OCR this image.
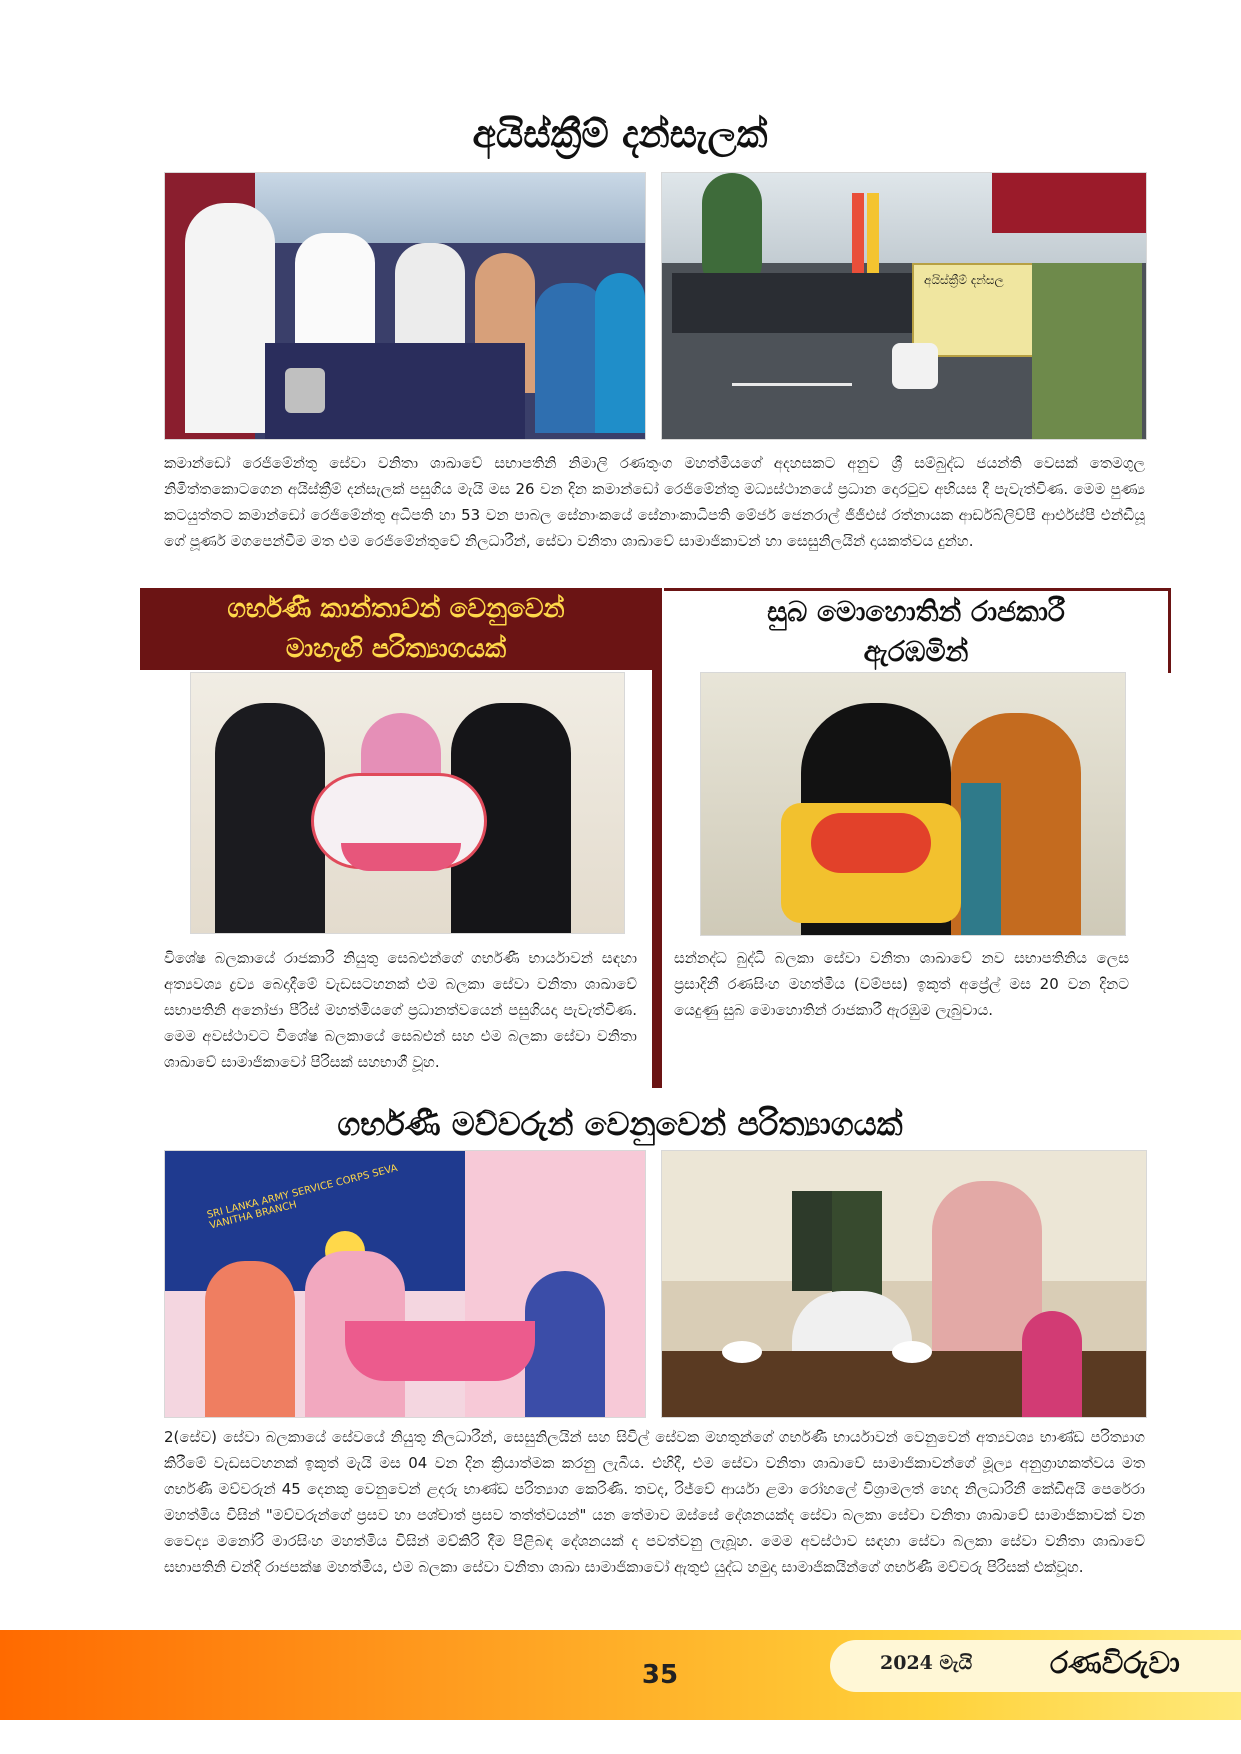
අයිස්ක්‍රීම් දන්සැලක්
අයිස්ක්‍රීම් දන්සල
කමාන්ඩෝ රෙජිමේන්තු සේවා වනිතා ශාඛාවේ සභාපතිනි නිමාලි රණතුංග මහත්මියගේ අදහසකට අනුව ශ්‍රී සම්බුද්ධ ජයන්ති වෙසක් තෙමගුල නිමිත්තකොටගෙන අයිස්ක්‍රීම් දන්සැලක් පසුගිය මැයි මස 26 වන දින කමාන්ඩෝ රෙජිමේන්තු මධ්‍යස්ථානයේ ප්‍රධාන දොරටුව අභියස දී පැවැත්විණ. මෙම පුණ්‍ය කටයුත්තට කමාන්ඩෝ රෙජිමේන්තු අධිපති හා 53 වන පාබල සේනාංකයේ සේනාංකාධිපති මේජර් ජෙනරාල් ජීජීඑස් රත්නායක ආර්ඩබ්ලිව්පී ආර්එස්පී එන්ඩීයූ ගේ පූර්ණ මගපෙන්වීම මත එම රෙජිමේන්තුවේ නිලධාරීන්, සේවා වනිතා ශාඛාවේ සාමාජිකාවන් හා සෙසුනිලයින් දායකත්වය දුන්හ.
ගර්භණී කාන්තාවන් වෙනුවෙන්
මාහැඟි පරිත්‍යාගයක්
සුබ මොහොතින් රාජකාරී
ඇරඹමින්
විශේෂ බලකායේ රාජකාරී නියුතු සෙබළුන්ගේ ගර්භණී භාර්යාවන් සඳහා අත්‍යවශ්‍ය ද්‍රව්‍ය බෙදාදීමේ වැඩසටහනක් එම බලකා සේවා වනිතා ශාඛාවේ සභාපතිනි අනෝජා පීරිස් මහත්මියගේ ප්‍රධානත්වයෙන් පසුගියදා පැවැත්විණ. මෙම අවස්ථාවට විශේෂ බලකායේ සෙබළුන් සහ එම බලකා සේවා වනිතා ශාඛාවේ සාමාජිකාවෝ පිරිසක් සහභාගී වූහ.
සන්නද්ධ බුද්ධි බලකා සේවා වනිතා ශාඛාවේ නව සභාපතිනිය ලෙස ප්‍රසාදිනී රණසිංහ මහත්මිය (වම්පස) ඉකුත් අප්‍රේල් මස 20 වන දිනට යෙදුණු සුබ මොහොතින් රාජකාරී ඇරඹුම ලැබුවාය.
ගර්භණී මව්වරුන් වෙනුවෙන් පරිත්‍යාගයක්
SRI LANKA ARMY SERVICE CORPS SEVA VANITHA BRANCH
2(සේව) සේවා බලකායේ සේවයේ නියුතු නිලධාරීන්, සෙසුනිලයින් සහ සිවිල් සේවක මහතුන්ගේ ගර්භණී භාර්යාවන් වෙනුවෙන් අත්‍යවශ්‍ය භාණ්ඩ පරිත්‍යාග කිරීමේ වැඩසටහනක් ඉකුත් මැයි මස 04 වන දින ක්‍රියාත්මක කරනු ලැබීය. එහිදී, එම සේවා වනිතා ශාඛාවේ සාමාජිකාවන්ගේ මූල්‍ය අනුග්‍රාහකත්වය මත ගර්භණී මව්වරුන් 45 දෙනකු වෙනුවෙන් ළදරු භාණ්ඩ පරිත්‍යාග කෙරිණි. තවද, රිජ්වේ ආර්යා ළමා රෝහලේ විශ්‍රාමලත් හෙද නිලධාරිනී කේඩීඅයි පෙරේරා මහත්මිය විසින් "මව්වරුන්ගේ ප්‍රසව හා පශ්චාත් ප්‍රසව තත්ත්වයන්" යන තේමාව ඔස්සේ දේශනයක්ද සේවා බලකා සේවා වනිතා ශාඛාවේ සාමාජිකාවක් වන වෛද්‍ය මනෝරි මාරසිංහ මහත්මිය විසින් මව්කිරි දීම පිළිබඳ දේශනයක් ද පවත්වනු ලැබූහ. මෙම අවස්ථාව සඳහා සේවා බලකා සේවා වනිතා ශාඛාවේ සභාපතිනි චන්දි රාජපක්ෂ මහත්මිය, එම බලකා සේවා වනිතා ශාඛා සාමාජිකාවෝ ඇතුළු යුද්ධ හමුදා සාමාජිකයින්ගේ ගර්භණී මව්වරු පිරිසක් එක්වූහ.
35	2024 මැයි	රණවිරුවා
